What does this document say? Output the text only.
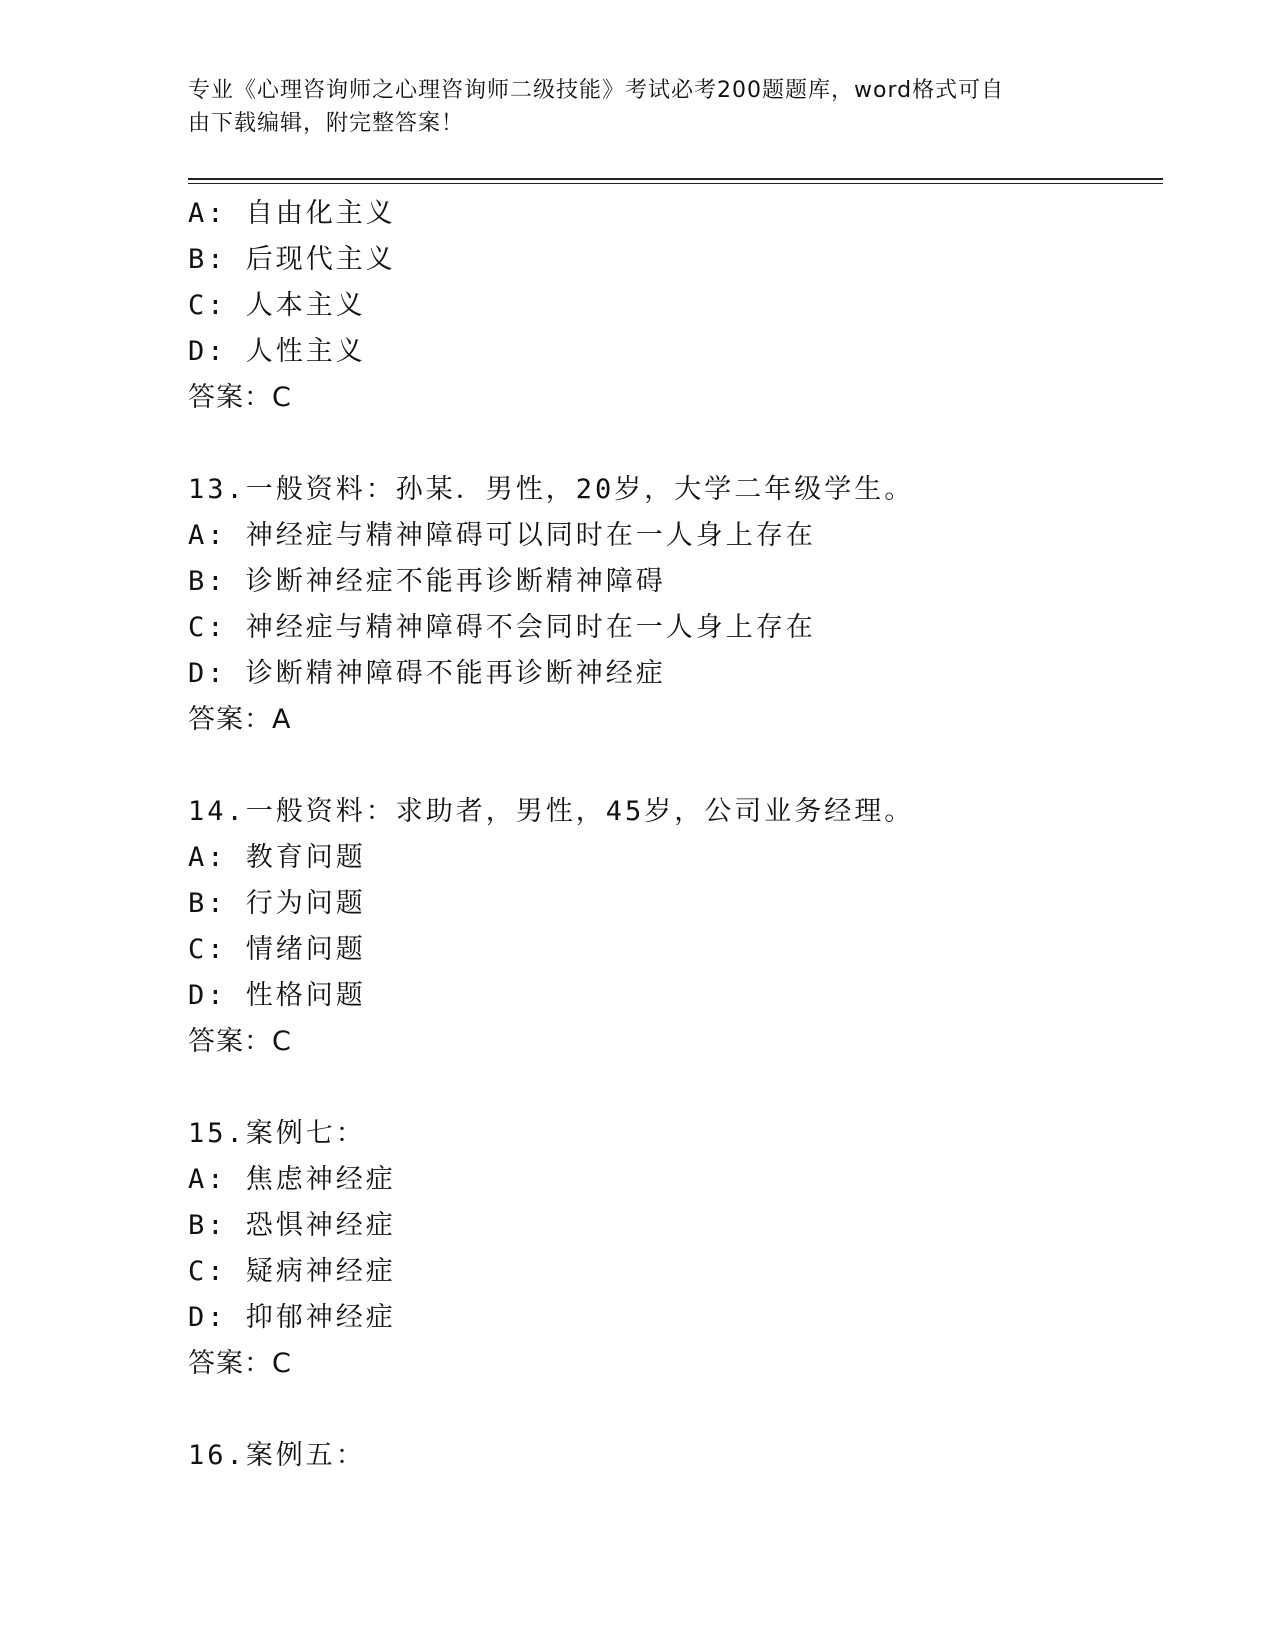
专业《心理咨询师之心理咨询师二级技能》考试必考200题题库，word格式可自
由下载编辑，附完整答案！
A: 自由化主义
B: 后现代主义
C: 人本主义
D: 人性主义
答案：C
13.一般资料：孙某．男性，20岁，大学二年级学生。
A: 神经症与精神障碍可以同时在一人身上存在
B: 诊断神经症不能再诊断精神障碍
C: 神经症与精神障碍不会同时在一人身上存在
D: 诊断精神障碍不能再诊断神经症
答案：A
14.一般资料：求助者，男性，45岁，公司业务经理。
A: 教育问题
B: 行为问题
C: 情绪问题
D: 性格问题
答案：C
15.案例七：
A: 焦虑神经症
B: 恐惧神经症
C: 疑病神经症
D: 抑郁神经症
答案：C
16.案例五：
